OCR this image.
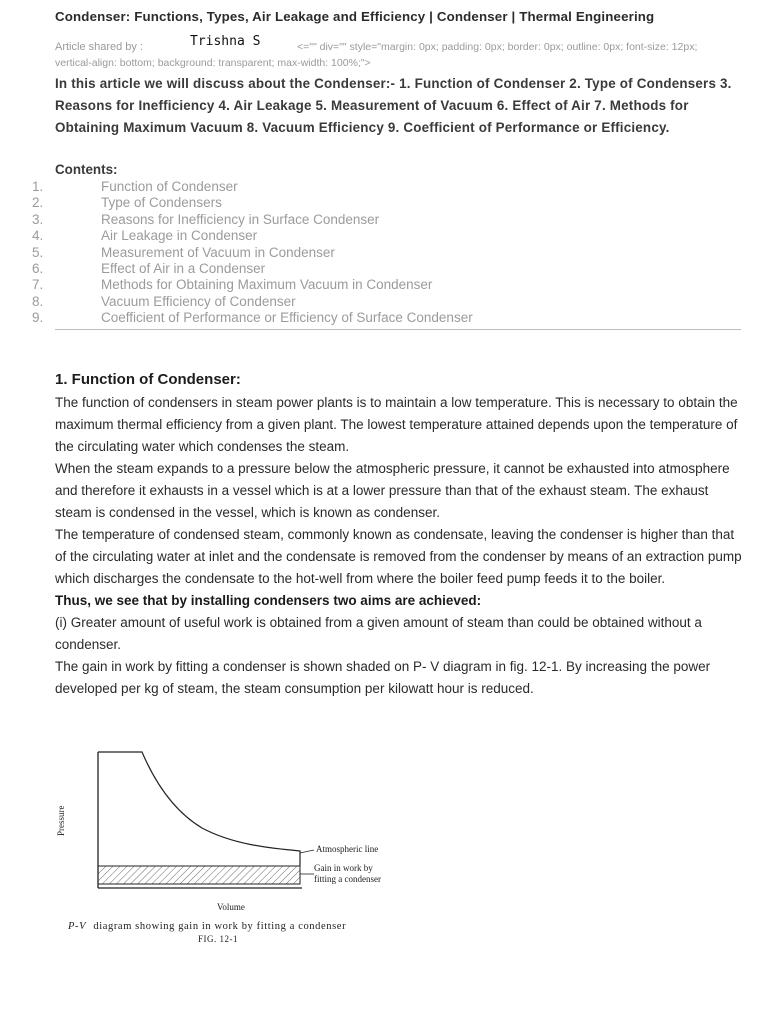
Condenser: Functions, Types, Air Leakage and Efficiency | Condenser | Thermal Engineering
Article shared by :	Trishna S	<="" div="" style="margin: 0px; padding: 0px; border: 0px; outline: 0px; font-size: 12px;
vertical-align: bottom; background: transparent; max-width: 100%;">
In this article we will discuss about the Condenser:- 1. Function of Condenser 2. Type of Condensers 3. Reasons for Inefficiency 4. Air Leakage 5. Measurement of Vacuum 6. Effect of Air 7. Methods for Obtaining Maximum Vacuum 8. Vacuum Efficiency 9. Coefficient of Performance or Efficiency.
Contents:
1.	Function of Condenser
2.	Type of Condensers
3.	Reasons for Inefficiency in Surface Condenser
4.	Air Leakage in Condenser
5.	Measurement of Vacuum in Condenser
6.	Effect of Air in a Condenser
7.	Methods for Obtaining Maximum Vacuum in Condenser
8.	Vacuum Efficiency of Condenser
9.	Coefficient of Performance or Efficiency of Surface Condenser
1. Function of Condenser:

The function of condensers in steam power plants is to maintain a low temperature. This is necessary to obtain the maximum thermal efficiency from a given plant. The lowest temperature attained depends upon the temperature of the circulating water which condenses the steam.

When the steam expands to a pressure below the atmospheric pressure, it cannot be exhausted into atmosphere and therefore it exhausts in a vessel which is at a lower pressure than that of the exhaust steam. The exhaust steam is condensed in the vessel, which is known as condenser.

The temperature of condensed steam, commonly known as condensate, leaving the condenser is higher than that of the circulating water at inlet and the condensate is removed from the condenser by means of an extraction pump which discharges the condensate to the hot-well from where the boiler feed pump feeds it to the boiler.

Thus, we see that by installing condensers two aims are achieved:

(i) Greater amount of useful work is obtained from a given amount of steam than could be obtained without a condenser.

The gain in work by fitting a condenser is shown shaded on P- V diagram in fig. 12-1. By increasing the power developed per kg of steam, the steam consumption per kilowatt hour is reduced.

Atmospheric line
Gain in work by
fitting a condenser
Volume
Pressure
P-V diagram showing gain in work by fitting a condenser
FIG. 12-1
